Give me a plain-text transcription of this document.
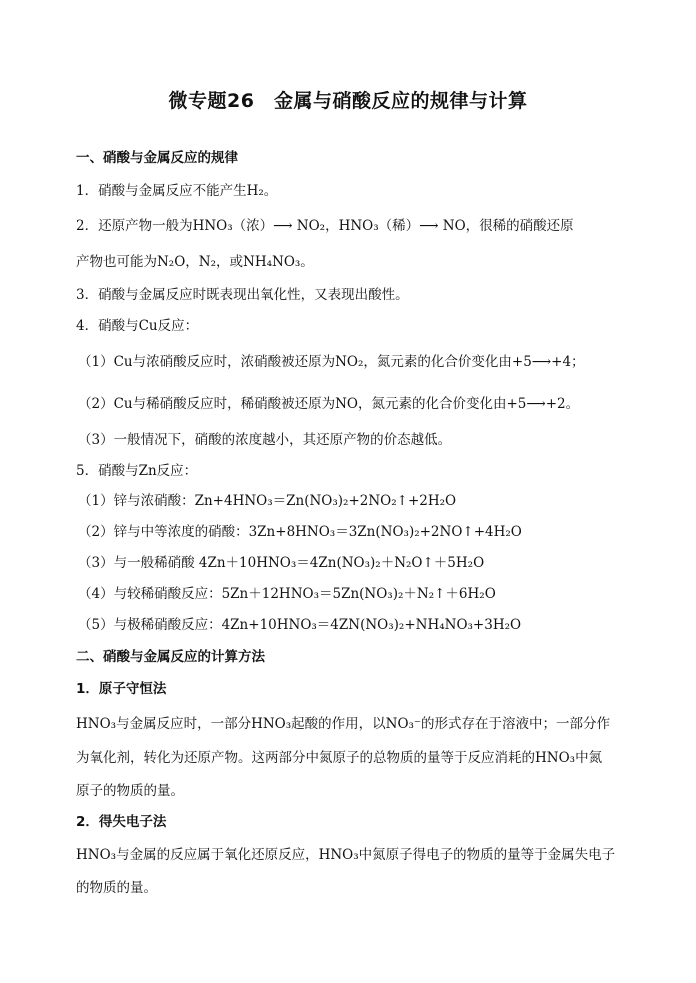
微专题26　金属与硝酸反应的规律与计算
一、硝酸与金属反应的规律
1．硝酸与金属反应不能产生H₂。
2．还原产物一般为HNO₃（浓）⟶ NO₂，HNO₃（稀）⟶ NO，很稀的硝酸还原
产物也可能为N₂O，N₂，或NH₄NO₃。
3．硝酸与金属反应时既表现出氧化性，又表现出酸性。
4．硝酸与Cu反应：
（1）Cu与浓硝酸反应时，浓硝酸被还原为NO₂，氮元素的化合价变化由+5⟶+4；
（2）Cu与稀硝酸反应时，稀硝酸被还原为NO，氮元素的化合价变化由+5⟶+2。
（3）一般情况下，硝酸的浓度越小，其还原产物的价态越低。
5．硝酸与Zn反应：
（1）锌与浓硝酸：Zn+4HNO₃＝Zn(NO₃)₂+2NO₂↑+2H₂O
（2）锌与中等浓度的硝酸：3Zn+8HNO₃＝3Zn(NO₃)₂+2NO↑+4H₂O
（3）与一般稀硝酸 4Zn＋10HNO₃＝4Zn(NO₃)₂＋N₂O↑＋5H₂O
（4）与较稀硝酸反应：5Zn＋12HNO₃＝5Zn(NO₃)₂＋N₂↑＋6H₂O
（5）与极稀硝酸反应：4Zn+10HNO₃＝4ZN(NO₃)₂+NH₄NO₃+3H₂O
二、硝酸与金属反应的计算方法
1．原子守恒法
HNO₃与金属反应时，一部分HNO₃起酸的作用，以NO₃⁻的形式存在于溶液中；一部分作
为氧化剂，转化为还原产物。这两部分中氮原子的总物质的量等于反应消耗的HNO₃中氮
原子的物质的量。
2．得失电子法
HNO₃与金属的反应属于氧化还原反应，HNO₃中氮原子得电子的物质的量等于金属失电子
的物质的量。
